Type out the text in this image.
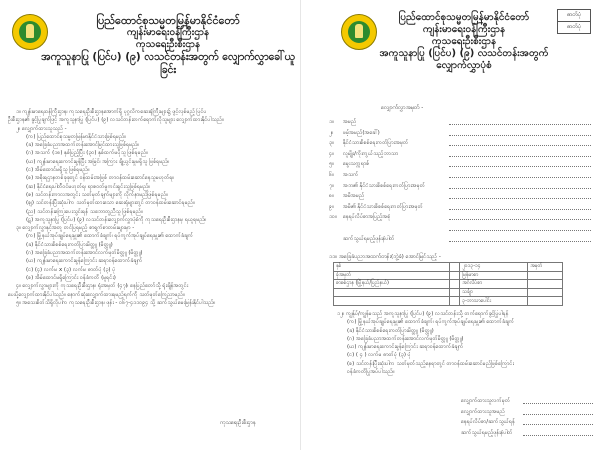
ပြည်ထောင်စုသမ္မတမြန်မာနိုင်ငံတော်
ကျန်းမာရေးဝန်ကြီးဌာန
ကုသရေးဦးစီးဌာန
အကူသူနာပြု (ပြင်ပ) (၉) လသင်တန်းအတွက် လျှောက်လွှာခေါ်ယူခြင်း

၁။ ကျန်းမာရေးဝန်ကြီးဌာန၊ ကုသရေးဦးစီးဌာနအောက်ရှိ ပုဂ္ဂလိကဆေးရုံကြီးများ၌ ဖွင့်လှစ်မည့် ပြင်ပ

ဦးစီးဌာန၏ ခွင့်ပြုချက်ဖြင့် အကူသူနာပြု (ပြင်ပ) (၉) လသင်တန်းတက်ရောက်လိုသူများ လျှောက်ထားနိုင်ပါသည်။

၂။ လျှောက်ထားသူသည် -

(က) ပြည်ထောင်စုသမ္မတမြန်မာနိုင်ငံသားဖြစ်ရမည်။

(ခ) အခြေခံပညာအထက်တန်းအောင်မြင်ထားသူဖြစ်ရမည်။

(ဂ) အသက် (၁၈) နှစ်ပြည့်ပြီး (၃၀) နှစ်ထက်မပိုသူ ဖြစ်ရမည်။

(ဃ) ကျန်းမာရေးကောင်းမွန်ပြီး အမြင်၊ အကြား ချို့ယွင်းမှုမရှိသူ ဖြစ်ရမည်။

(င) အိမ်ထောင်မရှိသူ ဖြစ်ရမည်။

(စ) အစိုးရဌာနတစ်ခုခုတွင် ဝန်ထမ်းအဖြစ် တာဝန်ထမ်းဆောင်နေသူမဟုတ်ရ။

(ဆ) နိုင်ငံရေးပါတီဝင်မဟုတ်ရ၊ ရာဇဝတ်မှုကင်းရှင်းသူဖြစ်ရမည်။

(ဇ) သင်တန်းကာလအတွင်း သတ်မှတ်ချက်များကို လိုက်နာမည်ဖြစ်ရမည်။

(ဈ) သင်တန်းပြီးဆုံးပါက သတ်မှတ်ထားသော ဆေးရုံများတွင် တာဝန်ထမ်းဆောင်ရမည်။

(ည) သင်တန်းကြေးပေးသွင်းရန် သဘောတူညီသူ ဖြစ်ရမည်။

(ဋ) အကူသူနာပြု (ပြင်ပ) (၉) လသင်တန်းလျှောက်လွှာပုံစံကို ကုသရေးဦးစီးဌာနမှ ရယူရမည်။

၃။ လျှောက်လွှာနှင့်အတူ တင်ပြရမည့် စာရွက်စာတမ်းများမှာ -

(က) မြို့နယ်အုပ်ချုပ်ရေးမှူး၏ ထောက်ခံချက်၊ ရပ်ကွက်အုပ်ချုပ်ရေးမှူး၏ ထောက်ခံချက်

(ခ) နိုင်ငံသားစိစစ်ရေးကတ်ပြားမိတ္တူ (မိတ္တူ)

(ဂ) အခြေခံပညာအထက်တန်းအောင်လက်မှတ်မိတ္တူ (မိတ္တူ)

(ဃ) ကျန်းမာရေးကောင်းမွန်ကြောင်း ဆရာဝန်ထောက်ခံချက်

(င) (၄) လက်မ x (၃) လက်မ ဓာတ်ပုံ (၃) ပုံ

(စ) အိမ်ထောင်မရှိကြောင်း ဝန်ခံကတိ (မူရင်း)

၄။ လျှောက်လွှာများကို ကုသရေးဦးစီးဌာန၊ ရုံးအမှတ် (၄၇)၊ နေပြည်တော်သို့ ရုံးချိန်အတွင်း

ပေးပို့လျှောက်ထားနိုင်ပါသည်။ နောက်ဆုံးလျှောက်ထားရမည့်ရက်ကို သတ်မှတ်ကြေညာမည်။

၅။ အသေးစိတ်သိရှိလိုပါက ကုသရေးဦးစီးဌာန၊ ဖုန်း - ၀၆၇-၄၁၁၀၉၄ သို့ ဆက်သွယ်မေးမြန်းနိုင်ပါသည်။

ကုသရေးဦးစီးဌာန
ဓာတ်ပုံ
ဓာတ်ပုံ
ပြည်ထောင်စုသမ္မတမြန်မာနိုင်ငံတော်
ကျန်းမာရေးဝန်ကြီးဌာန
ကုသရေးဦးစီးဌာန
အကူသူနာပြု (ပြင်ပ) (၉) လသင်တန်းအတွက် လျှောက်လွှာပုံစံ
လျှောက်လွှာအမှတ် -
၁။ အမည်
၂။ ဖမ့်အမည်(အခေါ်)
၃။ နိုင်ငံသားစိစစ်ရေးကတ်ပြားအမှတ်
၄။ လူမျိုး/ကိုးကွယ်သည့်ဘာသာ
၅။ မွေးသက္ကရာဇ်
၆။ အသက်
၇။ အဘ၏ နိုင်ငံသားစိစစ်ရေးကတ်ပြားအမှတ်
၈။ အမိအမည်
၉။ အမိ၏ နိုင်ငံသားစိစစ်ရေးကတ်ပြားအမှတ်
၁၀။ နေရပ်လိပ်စာအပြည့်အစုံ
ဆက်သွယ်ရမည့်ဖုန်းနံပါတ်
၁၁။ အခြေခံပညာအထက်တန်း(ဘွဲ့ခံ) အောင်မြင်သည့် -
နှစ်		၂၀၁၃-၁၄	အမှတ်
ခုံအမှတ်		မြန်မာစာ	
စာစစ်ဌာန (မြို့နယ်/ပြည်နယ်)		အင်္ဂလိပ်စာ	
		သင်္ချာ	
		၃-ဘာသာပေါင်း	

၁၂။ ကျွန်ုပ်/ကျွန်မသည် အကူသူနာပြု (ပြင်ပ) (၉) လသင်တန်းသို့ တက်ရောက်ခွင့်ပြုပါရန်

(က) မြို့နယ်အုပ်ချုပ်ရေးမှူး၏ ထောက်ခံချက်၊ ရပ်ကွက်အုပ်ချုပ်ရေးမှူး၏ ထောက်ခံချက်

(ခ) နိုင်ငံသားစိစစ်ရေးကတ်ပြားမိတ္တူ (မိတ္တူ)

(ဂ) အခြေခံပညာအထက်တန်းအောင်လက်မှတ်မိတ္တူ (မိတ္တူ)

(ဃ) ကျန်းမာရေးကောင်းမွန်ကြောင်း ဆရာဝန်ထောက်ခံချက်

(င) ( ၄ ) လက်မ ဓာတ်ပုံ (၃) ပုံ

(စ) သင်တန်းပြီးဆုံးပါက သတ်မှတ်သည့်နေရာတွင် တာဝန်ထမ်းဆောင်မည်ဖြစ်ကြောင်း

ဝန်ခံကတိပြုအပ်ပါသည်။

လျှောက်ထားသူလက်မှတ်
လျှောက်ထားသူအမည်
နေရပ်လိပ်စာ/ဆက်သွယ်ရန်
ဆက်သွယ်ရမည့်ဖုန်းနံပါတ်
